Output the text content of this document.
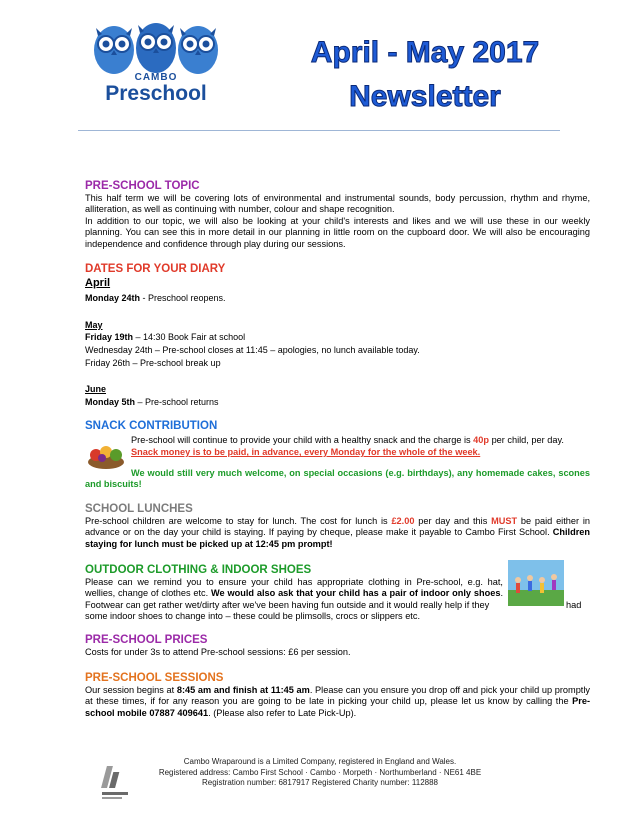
CAMBO
Preschool
April - May 2017
Newsletter
PRE-SCHOOL TOPIC
This half term we will be covering lots of environmental and instrumental sounds, body percussion, rhythm and rhyme, alliteration, as well as continuing with number, colour and shape recognition.
In addition to our topic, we will also be looking at your child's interests and likes and we will use these in our weekly planning. You can see this in more detail in our planning in little room on the cupboard door. We will also be encouraging independence and confidence through play during our sessions.
DATES FOR YOUR DIARY
April
Monday 24th - Preschool reopens.
May
Friday 19th – 14:30 Book Fair at school
Wednesday 24th – Pre-school closes at 11:45 – apologies, no lunch available today.
Friday 26th – Pre-school break up
June
Monday 5th – Pre-school returns
SNACK CONTRIBUTION
Pre-school will continue to provide your child with a healthy snack and the charge is 40p per child, per day.
Snack money is to be paid, in advance, every Monday for the whole of the week.
We would still very much welcome, on special occasions (e.g. birthdays), any homemade cakes, scones and biscuits!
SCHOOL LUNCHES
Pre-school children are welcome to stay for lunch. The cost for lunch is £2.00 per day and this MUST be paid either in advance or on the day your child is staying. If paying by cheque, please make it payable to Cambo First School. Children staying for lunch must be picked up at 12:45 pm prompt!
OUTDOOR CLOTHING & INDOOR SHOES
Please can we remind you to ensure your child has appropriate clothing in Pre-school, e.g. hat, wellies, change of clothes etc. We would also ask that your child has a pair of indoor only shoes. Footwear can get rather wet/dirty after we've been having fun outside and it would really help if they	had
some indoor shoes to change into – these could be plimsolls, crocs or slippers etc.
PRE-SCHOOL PRICES
Costs for under 3s to attend Pre-school sessions: £6 per session.
PRE-SCHOOL SESSIONS
Our session begins at 8:45 am and finish at 11:45 am. Please can you ensure you drop off and pick your child up promptly at these times, if for any reason you are going to be late in picking your child up, please let us know by calling the Pre-school mobile 07887 409641. (Please also refer to Late Pick-Up).
Cambo Wraparound is a Limited Company, registered in England and Wales.
Registered address: Cambo First School · Cambo · Morpeth · Northumberland · NE61 4BE
Registration number: 6817917 Registered Charity number: 112888
